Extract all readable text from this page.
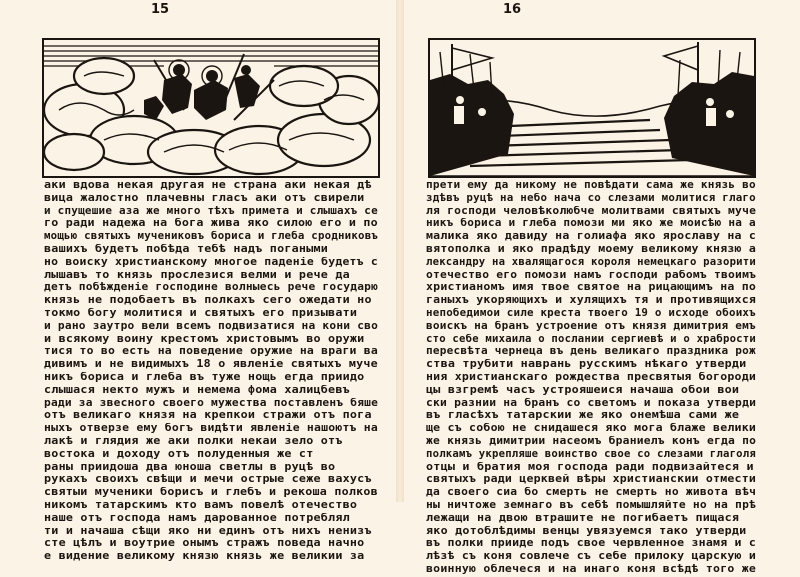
15
аки вдова некая другая не страна аки некая дѣ
вица жалостно плачевны гласъ аки отъ свирели
и спущешие аза же много тѣхъ примета и слышахъ се
го ради надежа на бога жива яко силою его и по
мощью святыхъ мучениковъ бориса и глеба сродниковъ
вашихъ будетъ побѣда тебѣ надъ погаными
но воиску христианскому многое паденiе будетъ с
лышавъ то князь прослезися велми и рече да
детъ побѣжденiе господине волныесь рече государю
князь не подобаетъ въ полкахъ сего ожедати но
токмо богу молитися и святыхъ его призывати
и рано заутро вели всемъ подвизатися на кони сво
и всякому воину крестомъ христовымъ во оружи
тися то во есть на поведение оружие на враги ва
дивимъ и не видимыхъ 18 о явленiе святыхъ муче
никъ бориса и глеба въ туже нощь егда приидо
слышася некто мужъ и немема фома халицбевъ
ради за звесного своего мужества поставленъ бяше
отъ великаго князя на крепкои стражи отъ пога
ныхъ отверзе ему богъ видѣти явленiе нашоютъ на
лакѣ и глядия же аки полки некаи зело отъ
востока и доходу отъ полуденныя же ст
раны приидоша два юноша светлы в руцѣ во
рукахъ своихъ свѣщи и мечи острые сеже вахусъ
святыи мученики борисъ и глебъ и рекоша полков
никомъ татарскимъ кто вамъ повелѣ отечество
наше отъ господа намъ дарованное потреблял
ти и начаша сѣщи яко ни единъ отъ нихъ ненизъ
сте цѣлъ и воутрие онымъ стражъ поведа начно
е видение великому князю князь же великии за
16
прети ему да никому не повѣдати сама же князь во
здѣвъ руцѣ на небо нача со слезами молитися глаго
ля господи человѣколюбче молитвами святыхъ муче
никъ бориса и глеба помози ми яко же моисѣю на а
малика яко давиду на голиафа яко ярославу на с
вятополка и яко прадѣду моему великому князю а
лександру на хвалящагося короля немецкаго разорити
отечество его помози намъ господи рабомъ твоимъ
христианомъ имя твое святое на рицающимъ на по
ганыхъ укоряющихъ и хулящихъ тя и противящихся
непобедимои силе креста твоего 19 о исходе обоихъ
воискъ на бранъ устроение отъ князя димитрия емъ
сто себе михаила о послании сергиевѣ и о храбрости
пересвѣта чернеца въ день великаго праздника рож
ства трубити наврань русскимъ нѣкаго утверди
ния христианскаго рождества пресвятыя богороди
цы взгремѣ часъ устрояшеися начаша обои вои
ски разнии на бранъ со светомъ и показа утверди
въ гласѣхъ татарскии же яко онемѣша сами же
ще съ собою не снидашеся яко мога блаже велики
же князь димитрии насеомъ браниелъ конъ егда по
полкамъ укрепляше воинство свое со слезами глаголя
отцы и братия моя господа ради подвизайтеся и
святыхъ ради церквей вѣры христианскии отмести
да своего сиа бо смерть не смерть но живота вѣч
ны ничтоже земнаго въ себѣ помышляйте но на прѣ
лежащи на двою втрашите не погибаетъ пищася
яко дотоблѣдимы венцы увязуемся тако утверди
въ полки прииде подъ свое червленное знамя и с
лѣзѣ съ коня совлече съ себе прилоку царскую и
воинную облечеся и на инаго коня всѣдѣ того же
